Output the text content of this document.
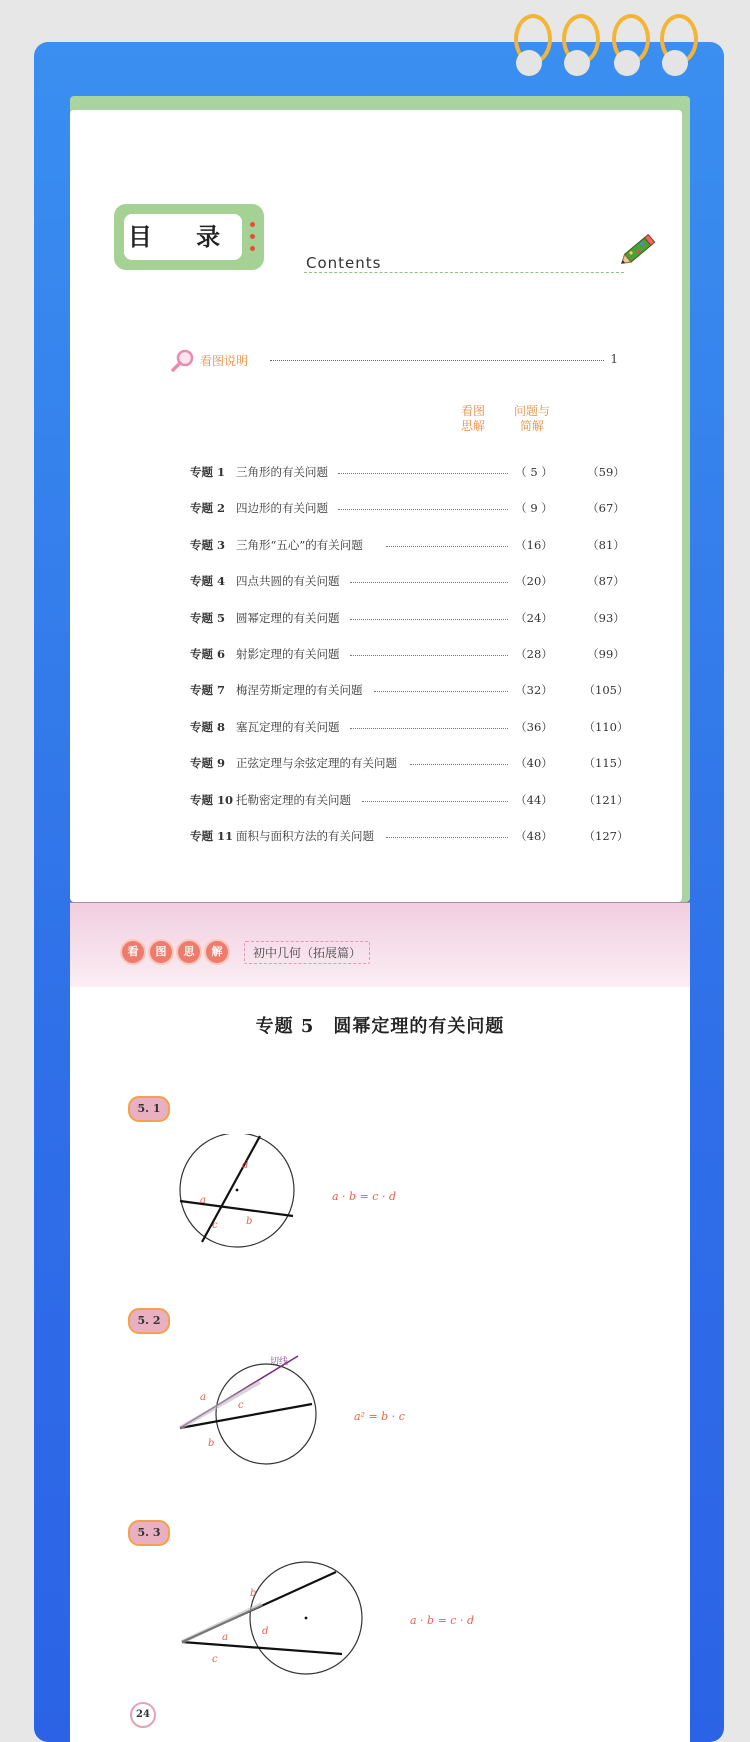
目 录
Contents
看图说明	1
看图
思解
问题与
简解
专题 1 三角形的有关问题	（ 5 ）	（59）
专题 2 四边形的有关问题	（ 9 ）	（67）
专题 3 三角形“五心”的有关问题	（16）	（81）
专题 4 四点共圆的有关问题	（20）	（87）
专题 5 圆幂定理的有关问题	（24）	（93）
专题 6 射影定理的有关问题	（28）	（99）
专题 7 梅涅劳斯定理的有关问题	（32）	（105）
专题 8 塞瓦定理的有关问题	（36）	（110）
专题 9 正弦定理与余弦定理的有关问题	（40）	（115）
专题 10 托勒密定理的有关问题	（44）	（121）
专题 11 面积与面积方法的有关问题	（48）	（127）
看	图	思	解	初中几何（拓展篇）
专题 5　圆幂定理的有关问题
5. 1
d
a
b
c
a · b = c · d
5. 2
切线
a
b
c
a² = b · c
5. 3
a
b
c
d
a · b = c · d
24
